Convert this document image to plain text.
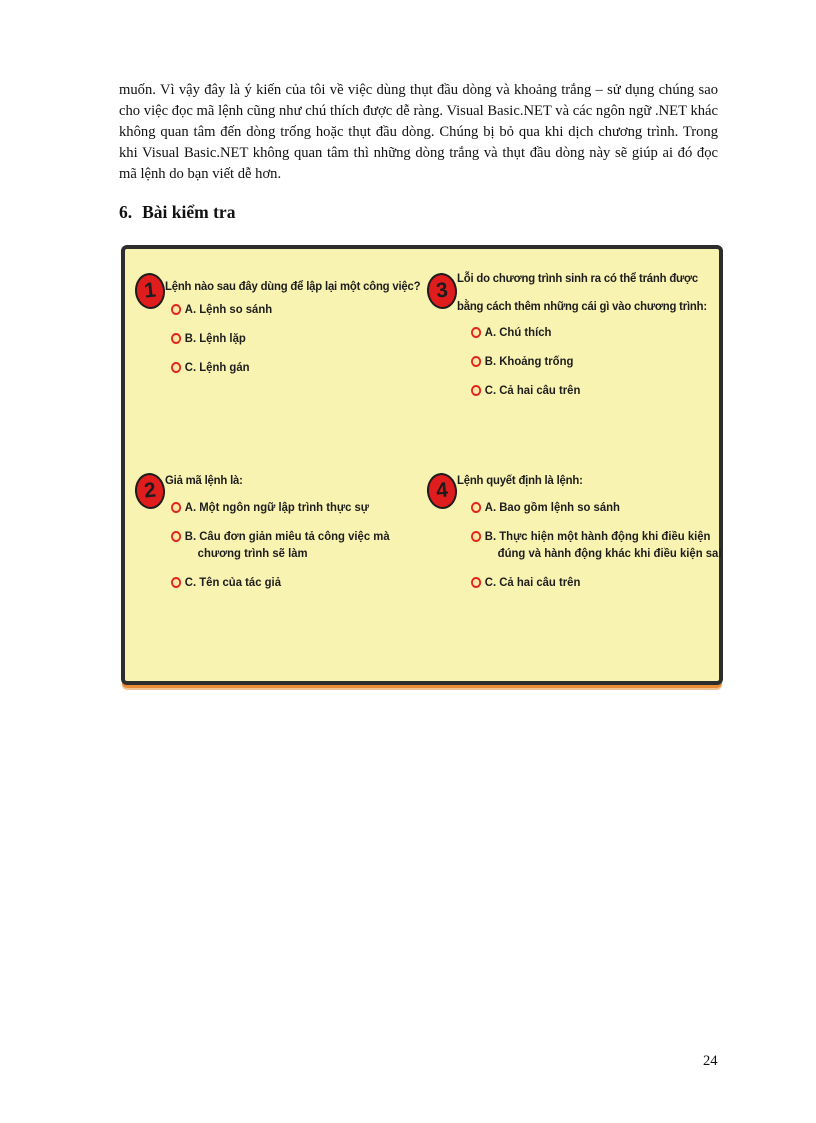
muốn. Vì vậy đây là ý kiến của tôi về việc dùng thụt đầu dòng và khoảng trắng – sử dụng chúng sao cho việc đọc mã lệnh cũng như chú thích được dễ ràng. Visual Basic.NET và các ngôn ngữ .NET khác không quan tâm đến dòng trống hoặc thụt đầu dòng. Chúng bị bỏ qua khi dịch chương trình. Trong khi Visual Basic.NET không quan tâm thì những dòng trắng và thụt đầu dòng này sẽ giúp ai đó đọc mã lệnh do bạn viết dễ hơn.

6. Bài kiểm tra
1 Lệnh nào sau đây dùng để lập lại một công việc?
A. Lệnh so sánh
B. Lệnh lặp
C. Lệnh gán
3
Lỗi do chương trình sinh ra có thể tránh được
bằng cách thêm những cái gì vào chương trình:
A. Chú thích
B. Khoảng trống
C. Cả hai câu trên
2 Giả mã lệnh là:
A. Một ngôn ngữ lập trình thực sự
B. Câu đơn giản miêu tả công việc mà
chương trình sẽ làm
C. Tên của tác giả
4 Lệnh quyết định là lệnh:
A. Bao gồm lệnh so sánh
B. Thực hiện một hành động khi điều kiện
đúng và hành động khác khi điều kiện sai
C. Cả hai câu trên
24
